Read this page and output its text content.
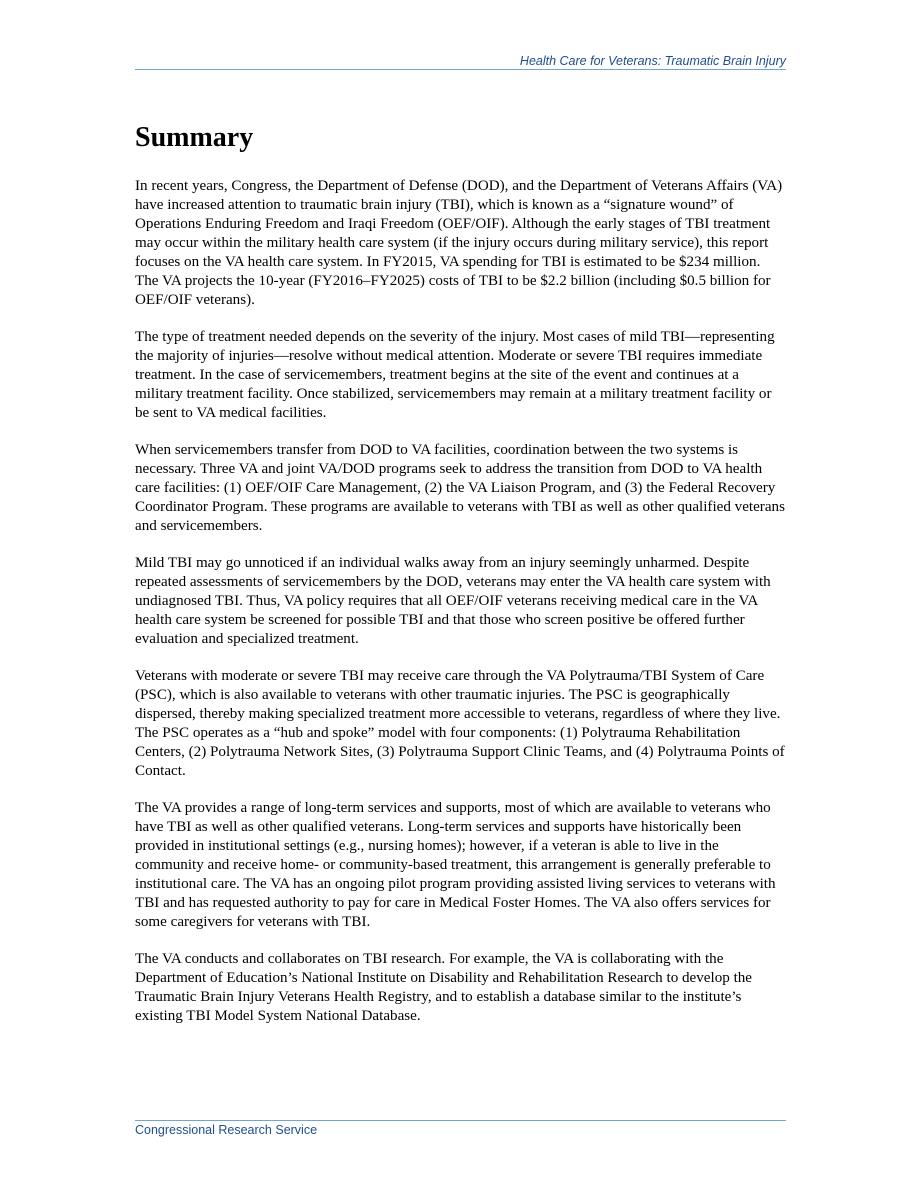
Health Care for Veterans: Traumatic Brain Injury
Summary

In recent years, Congress, the Department of Defense (DOD), and the Department of Veterans Affairs (VA) have increased attention to traumatic brain injury (TBI), which is known as a “signature wound” of Operations Enduring Freedom and Iraqi Freedom (OEF/OIF). Although the early stages of TBI treatment may occur within the military health care system (if the injury occurs during military service), this report focuses on the VA health care system. In FY2015, VA spending for TBI is estimated to be $234 million. The VA projects the 10-year (FY2016–FY2025) costs of TBI to be $2.2 billion (including $0.5 billion for OEF/OIF veterans).

The type of treatment needed depends on the severity of the injury. Most cases of mild TBI—representing the majority of injuries—resolve without medical attention. Moderate or severe TBI requires immediate treatment. In the case of servicemembers, treatment begins at the site of the event and continues at a military treatment facility. Once stabilized, servicemembers may remain at a military treatment facility or be sent to VA medical facilities.

When servicemembers transfer from DOD to VA facilities, coordination between the two systems is necessary. Three VA and joint VA/DOD programs seek to address the transition from DOD to VA health care facilities: (1) OEF/OIF Care Management, (2) the VA Liaison Program, and (3) the Federal Recovery Coordinator Program. These programs are available to veterans with TBI as well as other qualified veterans and servicemembers.

Mild TBI may go unnoticed if an individual walks away from an injury seemingly unharmed. Despite repeated assessments of servicemembers by the DOD, veterans may enter the VA health care system with undiagnosed TBI. Thus, VA policy requires that all OEF/OIF veterans receiving medical care in the VA health care system be screened for possible TBI and that those who screen positive be offered further evaluation and specialized treatment.

Veterans with moderate or severe TBI may receive care through the VA Polytrauma/TBI System of Care (PSC), which is also available to veterans with other traumatic injuries. The PSC is geographically dispersed, thereby making specialized treatment more accessible to veterans, regardless of where they live. The PSC operates as a “hub and spoke” model with four components: (1) Polytrauma Rehabilitation Centers, (2) Polytrauma Network Sites, (3) Polytrauma Support Clinic Teams, and (4) Polytrauma Points of Contact.

The VA provides a range of long-term services and supports, most of which are available to veterans who have TBI as well as other qualified veterans. Long-term services and supports have historically been provided in institutional settings (e.g., nursing homes); however, if a veteran is able to live in the community and receive home- or community-based treatment, this arrangement is generally preferable to institutional care. The VA has an ongoing pilot program providing assisted living services to veterans with TBI and has requested authority to pay for care in Medical Foster Homes. The VA also offers services for some caregivers for veterans with TBI.

The VA conducts and collaborates on TBI research. For example, the VA is collaborating with the Department of Education’s National Institute on Disability and Rehabilitation Research to develop the Traumatic Brain Injury Veterans Health Registry, and to establish a database similar to the institute’s existing TBI Model System National Database.

Congressional Research Service
